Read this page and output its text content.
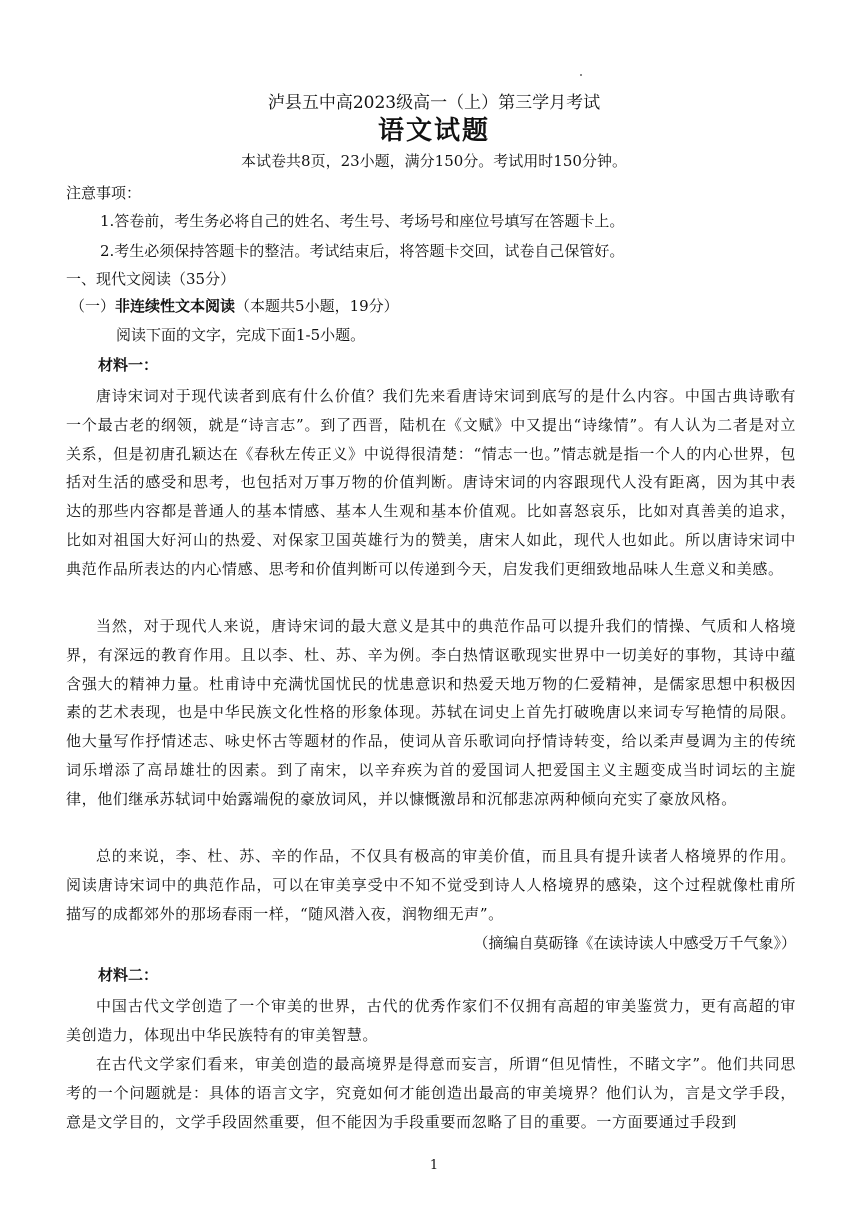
泸县五中高2023级高一（上）第三学月考试
语文试题
本试卷共8页，23小题，满分150分。考试用时150分钟。
注意事项：
1.答卷前，考生务必将自己的姓名、考生号、考场号和座位号填写在答题卡上。
2.考生必须保持答题卡的整洁。考试结束后，将答题卡交回，试卷自己保管好。
一、现代文阅读（35分）
（一）非连续性文本阅读（本题共5小题，19分）
阅读下面的文字，完成下面1-5小题。
材料一：
唐诗宋词对于现代读者到底有什么价值？我们先来看唐诗宋词到底写的是什么内容。中国古典诗歌有一个最古老的纲领，就是“诗言志”。到了西晋，陆机在《文赋》中又提出“诗缘情”。有人认为二者是对立关系，但是初唐孔颖达在《春秋左传正义》中说得很清楚：“情志一也。”情志就是指一个人的内心世界，包括对生活的感受和思考，也包括对万事万物的价值判断。唐诗宋词的内容跟现代人没有距离，因为其中表达的那些内容都是普通人的基本情感、基本人生观和基本价值观。比如喜怒哀乐，比如对真善美的追求，比如对祖国大好河山的热爱、对保家卫国英雄行为的赞美，唐宋人如此，现代人也如此。所以唐诗宋词中典范作品所表达的内心情感、思考和价值判断可以传递到今天，启发我们更细致地品味人生意义和美感。
当然，对于现代人来说，唐诗宋词的最大意义是其中的典范作品可以提升我们的情操、气质和人格境界，有深远的教育作用。且以李、杜、苏、辛为例。李白热情讴歌现实世界中一切美好的事物，其诗中蕴含强大的精神力量。杜甫诗中充满忧国忧民的忧患意识和热爱天地万物的仁爱精神，是儒家思想中积极因素的艺术表现，也是中华民族文化性格的形象体现。苏轼在词史上首先打破晚唐以来词专写艳情的局限。他大量写作抒情述志、咏史怀古等题材的作品，使词从音乐歌词向抒情诗转变，给以柔声曼调为主的传统词乐增添了高昂雄壮的因素。到了南宋，以辛弃疾为首的爱国词人把爱国主义主题变成当时词坛的主旋律，他们继承苏轼词中始露端倪的豪放词风，并以慷慨激昂和沉郁悲凉两种倾向充实了豪放风格。
总的来说，李、杜、苏、辛的作品，不仅具有极高的审美价值，而且具有提升读者人格境界的作用。阅读唐诗宋词中的典范作品，可以在审美享受中不知不觉受到诗人人格境界的感染，这个过程就像杜甫所描写的成都郊外的那场春雨一样，“随风潜入夜，润物细无声”。
（摘编自莫砺锋《在读诗读人中感受万千气象》）
材料二：
中国古代文学创造了一个审美的世界，古代的优秀作家们不仅拥有高超的审美鉴赏力，更有高超的审美创造力，体现出中华民族特有的审美智慧。
在古代文学家们看来，审美创造的最高境界是得意而妄言，所谓“但见情性，不睹文字”。他们共同思考的一个问题就是：具体的语言文字，究竟如何才能创造出最高的审美境界？他们认为，言是文学手段，意是文学目的，文学手段固然重要，但不能因为手段重要而忽略了目的重要。一方面要通过手段到
1
